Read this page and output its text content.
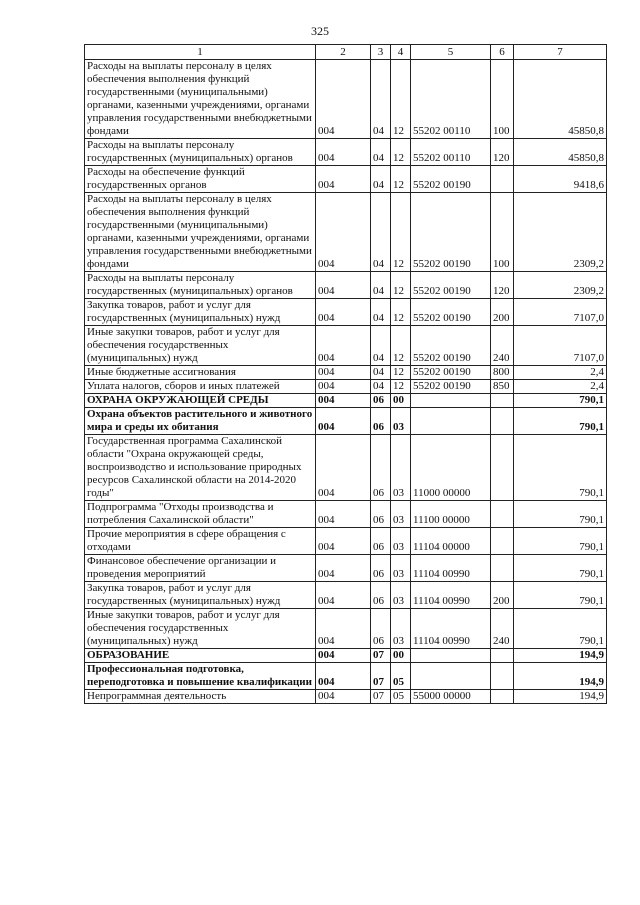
325
1	2	3	4	5	6	7
Расходы на выплаты персоналу в целях обеспечения выполнения функций государственными (муниципальными) органами, казенными учреждениями, органами управления государственными внебюджетными фондами	004	04	12	55202 00110	100	45850,8
Расходы на выплаты персоналу государственных (муниципальных) органов	004	04	12	55202 00110	120	45850,8
Расходы на обеспечение функций государственных органов	004	04	12	55202 00190		9418,6
Расходы на выплаты персоналу в целях обеспечения выполнения функций государственными (муниципальными) органами, казенными учреждениями, органами управления государственными внебюджетными фондами	004	04	12	55202 00190	100	2309,2
Расходы на выплаты персоналу государственных (муниципальных) органов	004	04	12	55202 00190	120	2309,2
Закупка товаров, работ и услуг для государственных (муниципальных) нужд	004	04	12	55202 00190	200	7107,0
Иные закупки товаров, работ и услуг для обеспечения государственных (муниципальных) нужд	004	04	12	55202 00190	240	7107,0
Иные бюджетные ассигнования	004	04	12	55202 00190	800	2,4
Уплата налогов, сборов и иных платежей	004	04	12	55202 00190	850	2,4
ОХРАНА ОКРУЖАЮЩЕЙ СРЕДЫ	004	06	00			790,1
Охрана объектов растительного и животного мира и среды их обитания	004	06	03			790,1
Государственная программа Сахалинской области "Охрана окружающей среды, воспроизводство и использование природных ресурсов Сахалинской области на 2014-2020 годы"	004	06	03	11000 00000		790,1
Подпрограмма "Отходы производства и потребления Сахалинской области"	004	06	03	11100 00000		790,1
Прочие мероприятия в сфере обращения с отходами	004	06	03	11104 00000		790,1
Финансовое обеспечение организации и проведения мероприятий	004	06	03	11104 00990		790,1
Закупка товаров, работ и услуг для государственных (муниципальных) нужд	004	06	03	11104 00990	200	790,1
Иные закупки товаров, работ и услуг для обеспечения государственных (муниципальных) нужд	004	06	03	11104 00990	240	790,1
ОБРАЗОВАНИЕ	004	07	00			194,9
Профессиональная подготовка, переподготовка и повышение квалификации	004	07	05			194,9
Непрограммная деятельность	004	07	05	55000 00000		194,9
